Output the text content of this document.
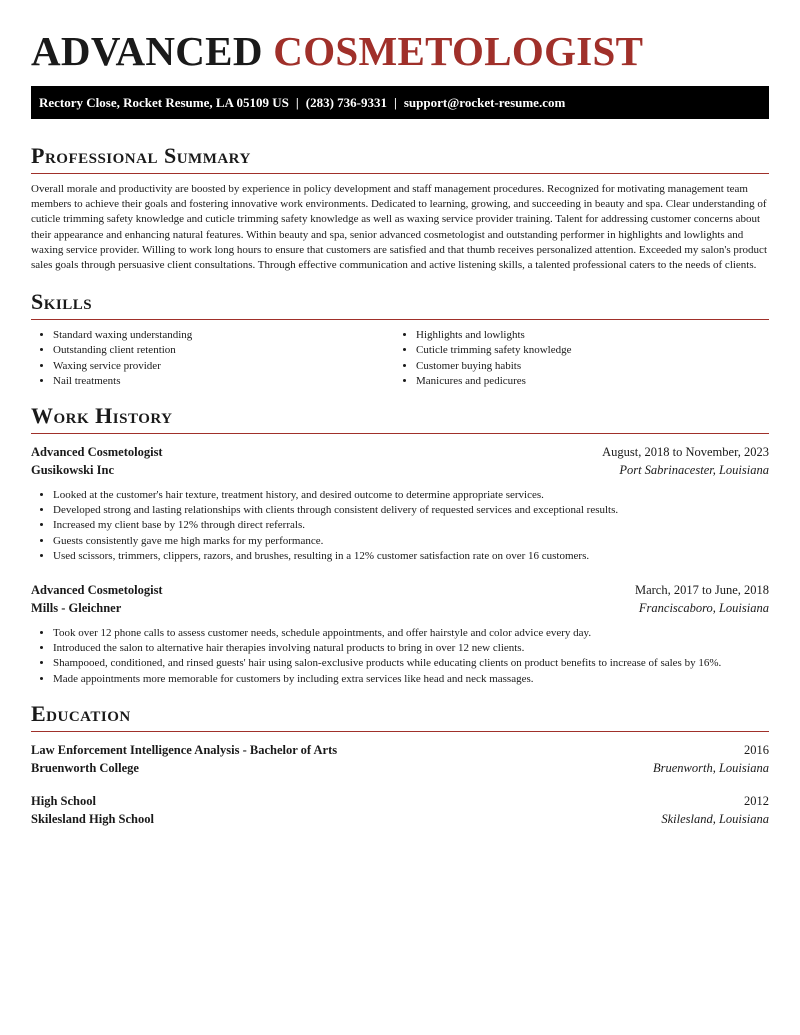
ADVANCED COSMETOLOGIST
Rectory Close, Rocket Resume, LA 05109 US | (283) 736-9331 | support@rocket-resume.com
Professional Summary
Overall morale and productivity are boosted by experience in policy development and staff management procedures. Recognized for motivating management team members to achieve their goals and fostering innovative work environments. Dedicated to learning, growing, and succeeding in beauty and spa. Clear understanding of cuticle trimming safety knowledge and cuticle trimming safety knowledge as well as waxing service provider training. Talent for addressing customer concerns about their appearance and enhancing natural features. Within beauty and spa, senior advanced cosmetologist and outstanding performer in highlights and lowlights and waxing service provider. Willing to work long hours to ensure that customers are satisfied and that thumb receives personalized attention. Exceeded my salon's product sales goals through persuasive client consultations. Through effective communication and active listening skills, a talented professional caters to the needs of clients.
Skills
• Standard waxing understanding
• Outstanding client retention
• Waxing service provider
• Nail treatments
• Highlights and lowlights
• Cuticle trimming safety knowledge
• Customer buying habits
• Manicures and pedicures
Work History
Advanced Cosmetologist	August, 2018 to November, 2023
Gusikowski Inc	Port Sabrinacester, Louisiana
• Looked at the customer's hair texture, treatment history, and desired outcome to determine appropriate services.
• Developed strong and lasting relationships with clients through consistent delivery of requested services and exceptional results.
• Increased my client base by 12% through direct referrals.
• Guests consistently gave me high marks for my performance.
• Used scissors, trimmers, clippers, razors, and brushes, resulting in a 12% customer satisfaction rate on over 16 customers.
Advanced Cosmetologist	March, 2017 to June, 2018
Mills - Gleichner	Franciscaboro, Louisiana
• Took over 12 phone calls to assess customer needs, schedule appointments, and offer hairstyle and color advice every day.
• Introduced the salon to alternative hair therapies involving natural products to bring in over 12 new clients.
• Shampooed, conditioned, and rinsed guests' hair using salon-exclusive products while educating clients on product benefits to increase of sales by 16%.
• Made appointments more memorable for customers by including extra services like head and neck massages.
Education
Law Enforcement Intelligence Analysis - Bachelor of Arts	2016
Bruenworth College	Bruenworth, Louisiana
High School	2012
Skilesland High School	Skilesland, Louisiana
